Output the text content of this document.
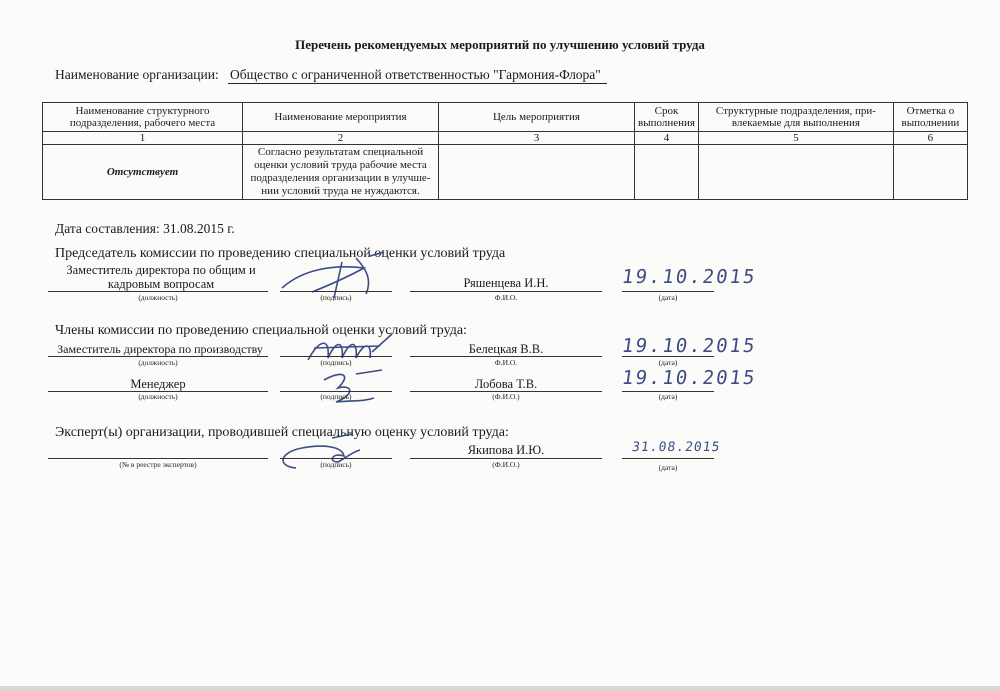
Перечень рекомендуемых мероприятий по улучшению условий труда
Наименование организации: Общество с ограниченной ответственностью "Гармония-Флора"
Наименование структурного подразделения, рабочего места	Наименование мероприятия	Цель мероприятия	Срок выполнения	Структурные подразделения, при-влекаемые для выполнения	Отметка о выполнении
1	2	3	4	5	6
Отсутствует	Согласно результатам специальной оценки условий труда рабочие места подразделения организации в улучше-нии условий труда не нуждаются.				
Дата составления: 31.08.2015 г.
Председатель комиссии по проведению специальной оценки условий труда
Заместитель директора по общим и кадровым вопросам
(должность)	(подпись)
Ряшенцева И.Н.
Ф.И.О.
19.10.2015
(дата)
Члены комиссии по проведению специальной оценки условий труда:
Заместитель директора по производству
(должность)	(подпись)
Белецкая В.В.
Ф.И.О.
19.10.2015
(дата)
Менеджер
(должность)	(подпись)
Лобова Т.В.
(Ф.И.О.)
19.10.2015
(дата)
Эксперт(ы) организации, проводившей специальную оценку условий труда:
(№ в реестре экспертов)	(подпись)
Якипова И.Ю.
(Ф.И.О.)
31.08.2015
(дата)
